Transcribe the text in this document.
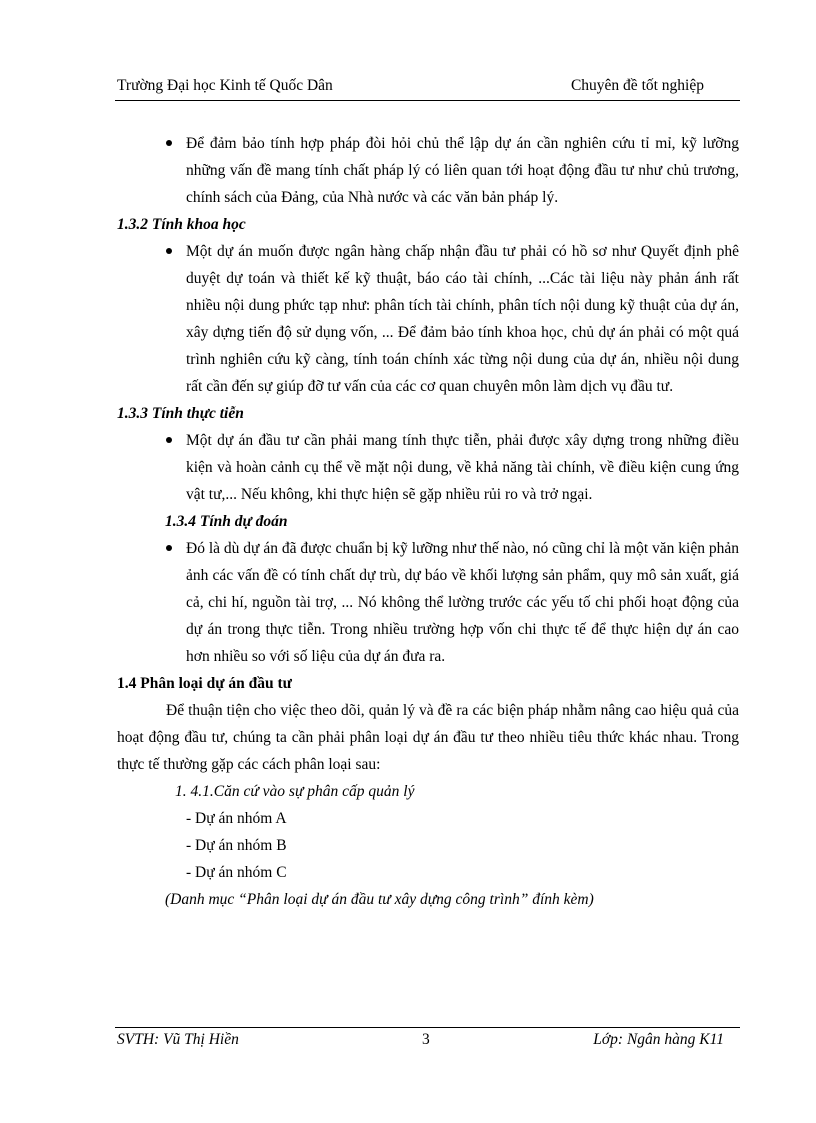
Trường Đại học Kinh tế Quốc Dân	Chuyên đề tốt nghiệp
Để đảm bảo tính hợp pháp đòi hỏi chủ thể lập dự án cần nghiên cứu tỉ mỉ, kỹ lưỡng những vấn đề mang tính chất pháp lý có liên quan tới hoạt động đầu tư như chủ trương, chính sách của Đảng, của Nhà nước và các văn bản pháp lý.
1.3.2 Tính khoa học
Một dự án muốn được ngân hàng chấp nhận đầu tư phải có hồ sơ như Quyết định phê duyệt dự toán và thiết kế kỹ thuật, báo cáo tài chính, ...Các tài liệu này phản ánh rất nhiều nội dung phức tạp như: phân tích tài chính, phân tích nội dung kỹ thuật của dự án, xây dựng tiến độ sử dụng vốn, ... Để đảm bảo tính khoa học, chủ dự án phải có một quá trình nghiên cứu kỹ càng, tính toán chính xác từng nội dung của dự án, nhiều nội dung rất cần đến sự giúp đỡ tư vấn của các cơ quan chuyên môn làm dịch vụ đầu tư.
1.3.3 Tính thực tiễn
Một dự án đầu tư cần phải mang tính thực tiễn, phải được xây dựng trong những điều kiện và hoàn cảnh cụ thể về mặt nội dung, về khả năng tài chính, về điều kiện cung ứng vật tư,... Nếu không, khi thực hiện sẽ gặp nhiều rủi ro và trở ngại.
1.3.4 Tính dự đoán
Đó là dù dự án đã được chuẩn bị kỹ lưỡng như thế nào, nó cũng chỉ là một văn kiện phản ảnh các vấn đề có tính chất dự trù, dự báo về khối lượng sản phẩm, quy mô sản xuất, giá cả, chi hí, nguồn tài trợ, ... Nó không thể lường trước các yếu tố chi phối hoạt động của dự án trong thực tiễn. Trong nhiều trường hợp vốn chi thực tế để thực hiện dự án cao hơn nhiều so với số liệu của dự án đưa ra.
1.4 Phân loại dự án đầu tư
Để thuận tiện cho việc theo dõi, quản lý và đề ra các biện pháp nhằm nâng cao hiệu quả của hoạt động đầu tư, chúng ta cần phải phân loại dự án đầu tư theo nhiều tiêu thức khác nhau. Trong thực tế thường gặp các cách phân loại sau:
1. 4.1.Căn cứ vào sự phân cấp quản lý
- Dự án nhóm A
- Dự án nhóm B
- Dự án nhóm C
(Danh mục “Phân loại dự án đầu tư xây dựng công trình” đính kèm)
SVTH: Vũ Thị Hiền	3	Lớp: Ngân hàng K11
